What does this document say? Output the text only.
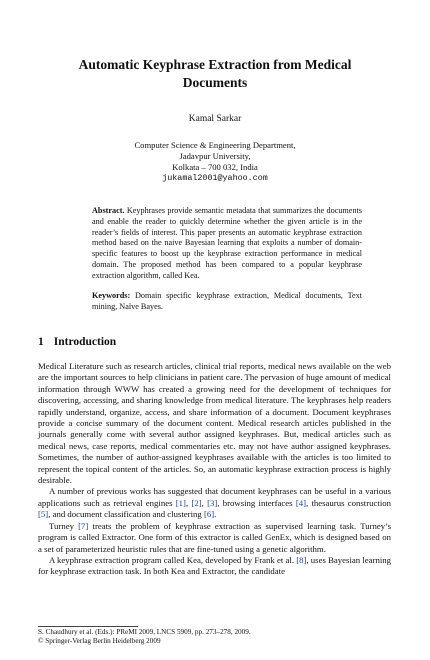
Automatic Keyphrase Extraction from Medical Documents
Kamal Sarkar
Computer Science & Engineering Department,
Jadavpur University,
Kolkata – 700 032, India
jukamal2001@yahoo.com
Abstract. Keyphrases provide semantic metadata that summarizes the documents and enable the reader to quickly determine whether the given article is in the reader’s fields of interest. This paper presents an automatic keyphrase extraction method based on the naive Bayesian learning that exploits a number of domain-specific features to boost up the keyphrase extraction performance in medical domain. The proposed method has been compared to a popular keyphrase extraction algorithm, called Kea.
Keywords: Domain specific keyphrase extraction, Medical documents, Text mining, Naïve Bayes.
1 Introduction

Medical Literature such as research articles, clinical trial reports, medical news available on the web are the important sources to help clinicians in patient care. The pervasion of huge amount of medical information through WWW has created a growing need for the development of techniques for discovering, accessing, and sharing knowledge from medical literature. The keyphrases help readers rapidly understand, organize, access, and share information of a document. Document keyphrases provide a concise summary of the document content. Medical research articles published in the journals generally come with several author assigned keyphrases. But, medical articles such as medical news, case reports, medical commentaries etc. may not have author assigned keyphrases. Sometimes, the number of author-assigned keyphrases available with the articles is too limited to represent the topical content of the articles. So, an automatic keyphrase extraction process is highly desirable.

A number of previous works has suggested that document keyphrases can be useful in a various applications such as retrieval engines [1], [2], [3], browsing interfaces [4], thesaurus construction [5], and document classification and clustering [6].

Turney [7] treats the problem of keyphrase extraction as supervised learning task. Turney’s program is called Extractor. One form of this extractor is called GenEx, which is designed based on a set of parameterized heuristic rules that are fine-tuned using a genetic algorithm.

A keyphrase extraction program called Kea, developed by Frank et al. [8], uses Bayesian learning for keyphrase extraction task. In both Kea and Extractor, the candidate

S. Chaudhury et al. (Eds.): PReMI 2009, LNCS 5909, pp. 273–278, 2009.
© Springer-Verlag Berlin Heidelberg 2009
